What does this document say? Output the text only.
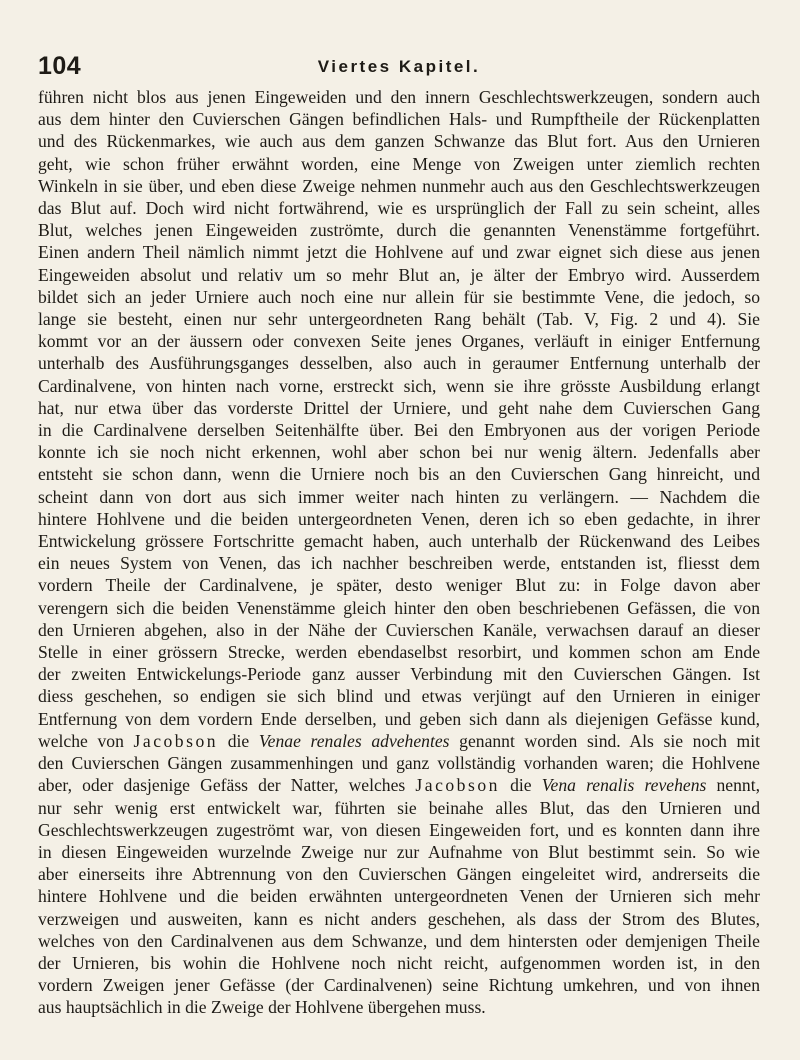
104	Viertes Kapitel.
führen nicht blos aus jenen Eingeweiden und den innern Geschlechtswerkzeugen, sondern auch
aus dem hinter den Cuvierschen Gängen befindlichen Hals- und Rumpftheile der Rückenplatten
und des Rückenmarkes, wie auch aus dem ganzen Schwanze das Blut fort. Aus den Urnieren
geht, wie schon früher erwähnt worden, eine Menge von Zweigen unter ziemlich rechten
Winkeln in sie über, und eben diese Zweige nehmen nunmehr auch aus den Geschlechtswerkzeugen
das Blut auf. Doch wird nicht fortwährend, wie es ursprünglich der Fall zu sein scheint, alles
Blut, welches jenen Eingeweiden zuströmte, durch die genannten Venenstämme fortgeführt.
Einen andern Theil nämlich nimmt jetzt die Hohlvene auf und zwar eignet sich diese aus jenen
Eingeweiden absolut und relativ um so mehr Blut an, je älter der Embryo wird. Ausserdem
bildet sich an jeder Urniere auch noch eine nur allein für sie bestimmte Vene, die jedoch, so
lange sie besteht, einen nur sehr untergeordneten Rang behält (Tab. V, Fig. 2 und 4). Sie
kommt vor an der äussern oder convexen Seite jenes Organes, verläuft in einiger Entfernung
unterhalb des Ausführungsganges desselben, also auch in geraumer Entfernung unterhalb der
Cardinalvene, von hinten nach vorne, erstreckt sich, wenn sie ihre grösste Ausbildung erlangt
hat, nur etwa über das vorderste Drittel der Urniere, und geht nahe dem Cuvierschen Gang
in die Cardinalvene derselben Seitenhälfte über. Bei den Embryonen aus der vorigen Periode
konnte ich sie noch nicht erkennen, wohl aber schon bei nur wenig ältern. Jedenfalls aber
entsteht sie schon dann, wenn die Urniere noch bis an den Cuvierschen Gang hinreicht, und
scheint dann von dort aus sich immer weiter nach hinten zu verlängern. — Nachdem die
hintere Hohlvene und die beiden untergeordneten Venen, deren ich so eben gedachte, in ihrer
Entwickelung grössere Fortschritte gemacht haben, auch unterhalb der Rückenwand des Leibes
ein neues System von Venen, das ich nachher beschreiben werde, entstanden ist, fliesst dem
vordern Theile der Cardinalvene, je später, desto weniger Blut zu: in Folge davon aber
verengern sich die beiden Venenstämme gleich hinter den oben beschriebenen Gefässen, die von
den Urnieren abgehen, also in der Nähe der Cuvierschen Kanäle, verwachsen darauf an dieser
Stelle in einer grössern Strecke, werden ebendaselbst resorbirt, und kommen schon am Ende
der zweiten Entwickelungs-Periode ganz ausser Verbindung mit den Cuvierschen Gängen. Ist
diess geschehen, so endigen sie sich blind und etwas verjüngt auf den Urnieren in einiger
Entfernung von dem vordern Ende derselben, und geben sich dann als diejenigen Gefässe kund,
welche von Jacobson die Venae renales advehentes genannt worden sind. Als sie noch mit
den Cuvierschen Gängen zusammenhingen und ganz vollständig vorhanden waren; die Hohlvene
aber, oder dasjenige Gefäss der Natter, welches Jacobson die Vena renalis revehens nennt,
nur sehr wenig erst entwickelt war, führten sie beinahe alles Blut, das den Urnieren und
Geschlechtswerkzeugen zugeströmt war, von diesen Eingeweiden fort, und es konnten dann ihre
in diesen Eingeweiden wurzelnde Zweige nur zur Aufnahme von Blut bestimmt sein. So wie
aber einerseits ihre Abtrennung von den Cuvierschen Gängen eingeleitet wird, andrerseits die
hintere Hohlvene und die beiden erwähnten untergeordneten Venen der Urnieren sich mehr
verzweigen und ausweiten, kann es nicht anders geschehen, als dass der Strom des Blutes,
welches von den Cardinalvenen aus dem Schwanze, und dem hintersten oder demjenigen Theile
der Urnieren, bis wohin die Hohlvene noch nicht reicht, aufgenommen worden ist, in den
vordern Zweigen jener Gefässe (der Cardinalvenen) seine Richtung umkehren, und von ihnen
aus hauptsächlich in die Zweige der Hohlvene übergehen muss.
